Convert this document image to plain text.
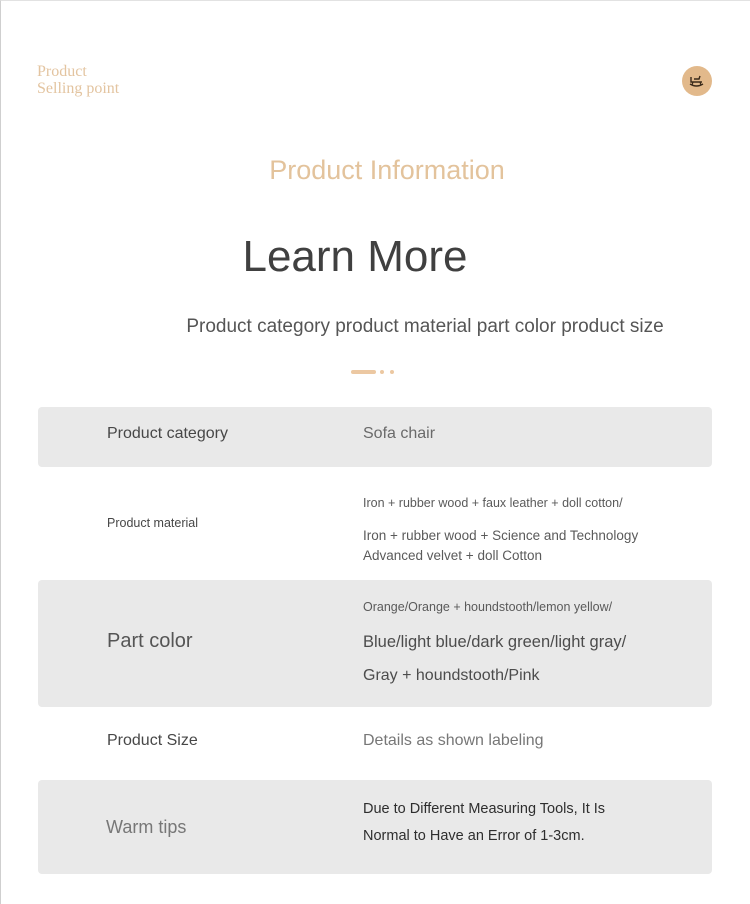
Product
Selling point
Product Information
Learn More
Product category product material part color product size
Product category	Sofa chair
Product material
Iron + rubber wood + faux leather + doll cotton/
Iron + rubber wood + Science and Technology
Advanced velvet + doll Cotton
Part color
Orange/Orange + houndstooth/lemon yellow/
Blue/light blue/dark green/light gray/
Gray + houndstooth/Pink
Product Size	Details as shown labeling
Warm tips
Due to Different Measuring Tools, It Is
Normal to Have an Error of 1-3cm.
